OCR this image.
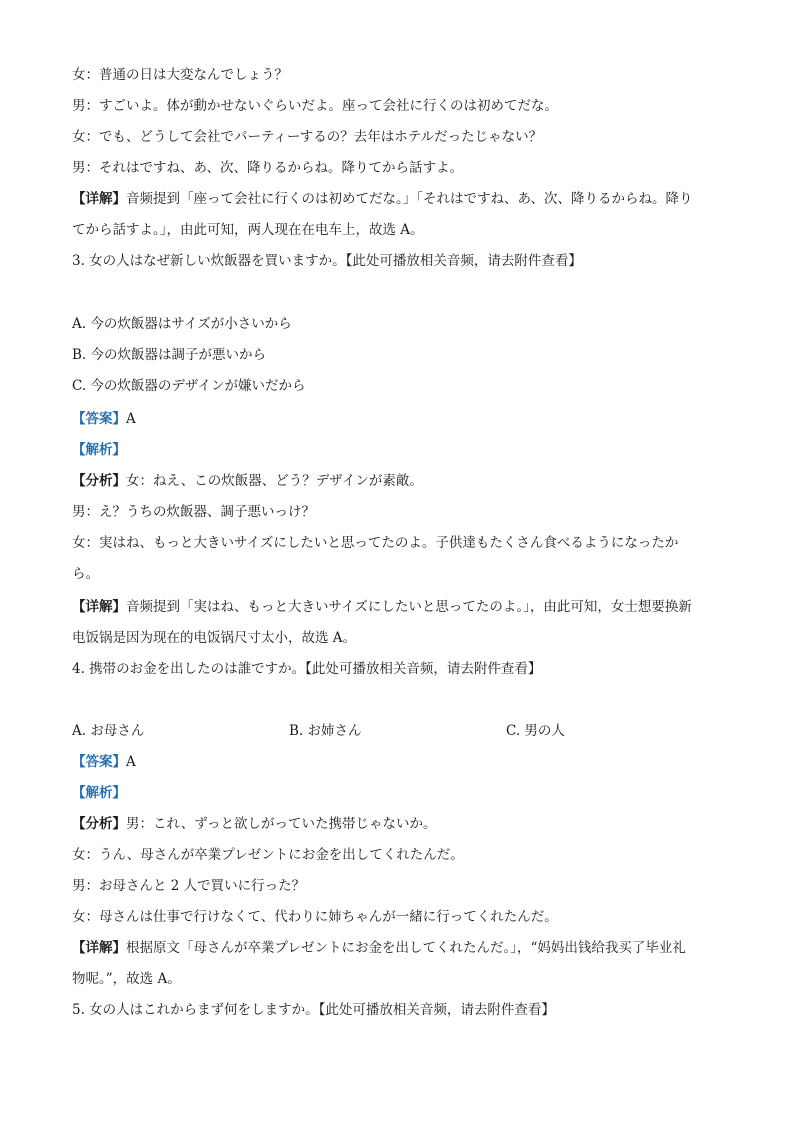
女：普通の日は大変なんでしょう？
男：すごいよ。体が動かせないぐらいだよ。座って会社に行くのは初めてだな。
女：でも、どうして会社でパーティーするの？去年はホテルだったじゃない？
男：それはですね、あ、次、降りるからね。降りてから話すよ。
【详解】音频提到「座って会社に行くのは初めてだな。」「それはですね、あ、次、降りるからね。降り
てから話すよ。」，由此可知，两人现在在电车上，故选 A。
3. 女の人はなぜ新しい炊飯器を買いますか。【此处可播放相关音频，请去附件查看】
A. 今の炊飯器はサイズが小さいから
B. 今の炊飯器は調子が悪いから
C. 今の炊飯器のデザインが嫌いだから
【答案】A
【解析】
【分析】女：ねえ、この炊飯器、どう？デザインが素敵。
男：え？うちの炊飯器、調子悪いっけ？
女：実はね、もっと大きいサイズにしたいと思ってたのよ。子供達もたくさん食べるようになったか
ら。
【详解】音频提到「実はね、もっと大きいサイズにしたいと思ってたのよ。」，由此可知，女士想要换新
电饭锅是因为现在的电饭锅尺寸太小，故选 A。
4. 携帯のお金を出したのは誰ですか。【此处可播放相关音频，请去附件查看】
A. お母さん	B. お姉さん	C. 男の人
【答案】A
【解析】
【分析】男：これ、ずっと欲しがっていた携帯じゃないか。
女：うん、母さんが卒業プレゼントにお金を出してくれたんだ。
男：お母さんと 2 人で買いに行った？
女：母さんは仕事で行けなくて、代わりに姉ちゃんが一緒に行ってくれたんだ。
【详解】根据原文「母さんが卒業プレゼントにお金を出してくれたんだ。」，“妈妈出钱给我买了毕业礼
物呢。”，故选 A。
5. 女の人はこれからまず何をしますか。【此处可播放相关音频，请去附件查看】
